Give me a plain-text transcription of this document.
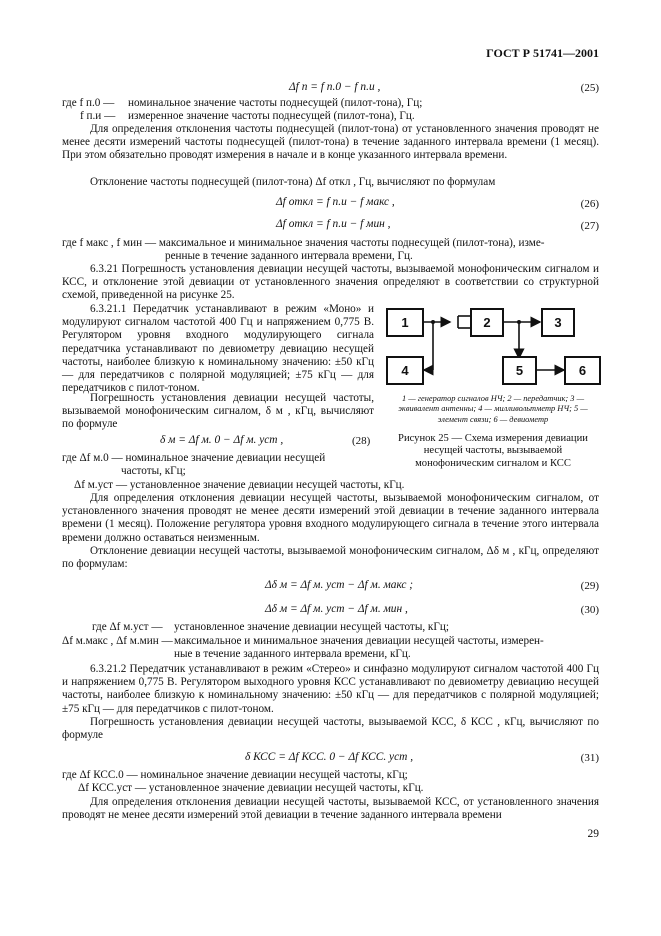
ГОСТ Р 51741—2001
Δf п = f п.0 − f п.и ,	(25)
где f п.0 — номинальное значение частоты поднесущей (пилот-тона), Гц;
f п.и — измеренное значение частоты поднесущей (пилот-тона), Гц.
Для определения отклонения частоты поднесущей (пилот-тона) от установленного значения проводят не менее десяти измерений частоты поднесущей (пилот-тона) в течение заданного интервала времени (1 месяц). При этом обязательно проводят измерения в начале и в конце указанного интервала времени.
Отклонение частоты поднесущей (пилот-тона) Δf откл , Гц, вычисляют по формулам
Δf откл = f п.и − f макс ,	(26)
Δf откл = f п.и − f мин ,	(27)
где f макс , f мин — максимальное и минимальное значения частоты поднесущей (пилот-тона), изме-
ренные в течение заданного интервала времени, Гц.
6.3.21 Погрешность установления девиации несущей частоты, вызываемой монофоническим сигналом и КСС, и отклонение этой девиации от установленного значения определяют в соответствии со структурной схемой, приведенной на рисунке 25.
6.3.21.1 Передатчик устанавливают в режим «Моно» и модулируют сигналом частотой 400 Гц и напряжением 0,775 В. Регулятором уровня входного модулирующего сигнала передатчика устанавливают по девиометру девиацию несущей частоты, наиболее близкую к номинальному значению: ±50 кГц — для передатчиков с полярной модуляцией; ±75 кГц — для передатчиков с пилот-тоном.
Погрешность установления девиации несущей частоты, вызываемой монофоническим сигналом, δ м , кГц, вычисляют по формуле
δ м = Δf м. 0 − Δf м. уст ,	(28)
где Δf м.0 — номинальное значение девиации несущей
частоты, кГц;
Δf м.уст — установленное значение девиации несущей частоты, кГц.
1	2	3
4	5	6
1 — генератор сигналов НЧ; 2 — передатчик; 3 — эквивалент антенны; 4 — милливольтметр НЧ; 5 — элемент связи; 6 — девиометр
Рисунок 25 — Схема измерения девиации несущей частоты, вызываемой монофоническим сигналом и КСС
Для определения отклонения девиации несущей частоты, вызываемой монофоническим сигналом, от установленного значения проводят не менее десяти измерений этой девиации в течение заданного интервала времени (1 месяц). Положение регулятора уровня входного модулирующего сигнала в течение этого интервала времени должно оставаться неизменным.
Отклонение девиации несущей частоты, вызываемой монофоническим сигналом, Δδ м , кГц, определяют по формулам:
Δδ м = Δf м. уст − Δf м. макс ;	(29)
Δδ м = Δf м. уст − Δf м. мин ,	(30)
где Δf м.уст — установленное значение девиации несущей частоты, кГц;
Δf м.макс , Δf м.мин — максимальное и минимальное значения девиации несущей частоты, измерен-
ные в течение заданного интервала времени, кГц.
6.3.21.2 Передатчик устанавливают в режим «Стерео» и синфазно модулируют сигналом частотой 400 Гц и напряжением 0,775 В. Регулятором выходного уровня КСС устанавливают по девиометру девиацию несущей частоты, наиболее близкую к номинальному значению: ±50 кГц — для передатчиков с полярной модуляцией; ±75 кГц — для передатчиков с пилот-тоном.
Погрешность установления девиации несущей частоты, вызываемой КСС, δ КСС , кГц, вычисляют по формуле
δ КСС = Δf КСС. 0 − Δf КСС. уст ,	(31)
где Δf КСС.0 — номинальное значение девиации несущей частоты, кГц;
Δf КСС.уст — установленное значение девиации несущей частоты, кГц.
Для определения отклонения девиации несущей частоты, вызываемой КСС, от установленного значения проводят не менее десяти измерений этой девиации в течение заданного интервала времени
29
